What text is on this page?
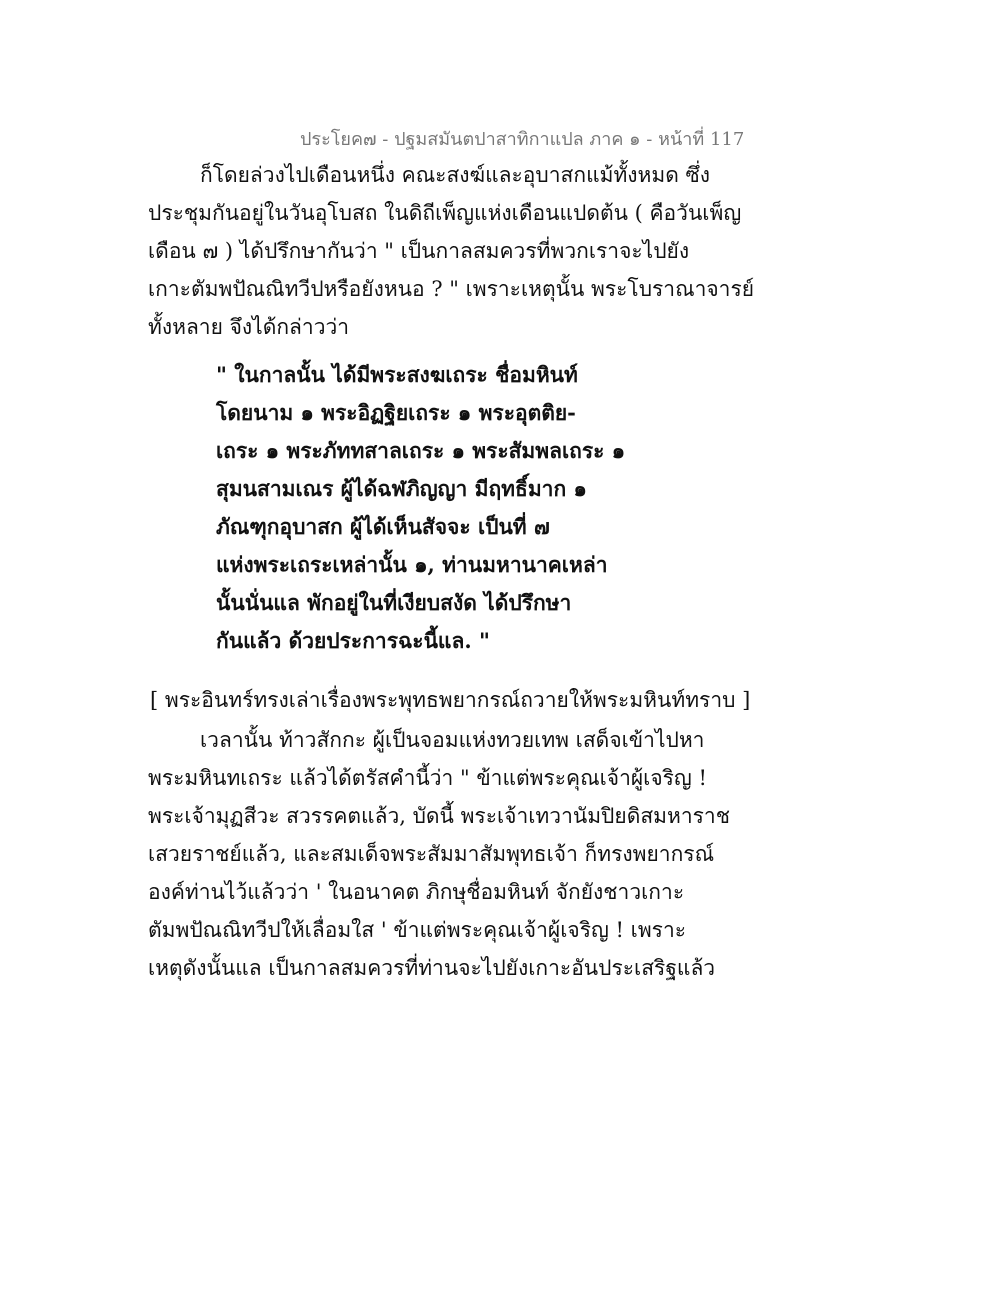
ประโยค๗ - ปฐมสมันตปาสาทิกาแปล ภาค ๑ - หน้าที่ 117
ก็โดยล่วงไปเดือนหนึ่ง คณะสงฆ์และอุบาสกแม้ทั้งหมด ซึ่ง
ประชุมกันอยู่ในวันอุโบสถ ในดิถีเพ็ญแห่งเดือนแปดต้น ( คือวันเพ็ญ
เดือน ๗ ) ได้ปรึกษากันว่า " เป็นกาลสมควรที่พวกเราจะไปยัง
เกาะตัมพปัณณิทวีปหรือยังหนอ ? " เพราะเหตุนั้น พระโบราณาจารย์
ทั้งหลาย จึงได้กล่าวว่า
" ในกาลนั้น ได้มีพระสงฆเถระ ชื่อมหินท์
โดยนาม ๑ พระอิฏฐิยเถระ ๑ พระอุตติย-
เถระ ๑ พระภัททสาลเถระ ๑ พระสัมพลเถระ ๑
สุมนสามเณร ผู้ได้ฉฬภิญญา มีฤทธิ์มาก ๑
ภัณฑุกอุบาสก ผู้ได้เห็นสัจจะ เป็นที่ ๗
แห่งพระเถระเหล่านั้น ๑, ท่านมหานาคเหล่า
นั้นนั่นแล พักอยู่ในที่เงียบสงัด ได้ปรึกษา
กันแล้ว ด้วยประการฉะนี้แล. "
[ พระอินทร์ทรงเล่าเรื่องพระพุทธพยากรณ์ถวายให้พระมหินท์ทราบ ]
เวลานั้น ท้าวสักกะ ผู้เป็นจอมแห่งทวยเทพ เสด็จเข้าไปหา
พระมหินทเถระ แล้วได้ตรัสคำนี้ว่า " ข้าแต่พระคุณเจ้าผู้เจริญ !
พระเจ้ามุฏสีวะ สวรรคตแล้ว, บัดนี้ พระเจ้าเทวานัมปิยดิสมหาราช
เสวยราชย์แล้ว, และสมเด็จพระสัมมาสัมพุทธเจ้า ก็ทรงพยากรณ์
องค์ท่านไว้แล้วว่า ' ในอนาคต ภิกษุชื่อมหินท์ จักยังชาวเกาะ
ตัมพปัณณิทวีปให้เลื่อมใส ' ข้าแต่พระคุณเจ้าผู้เจริญ ! เพราะ
เหตุดังนั้นแล เป็นกาลสมควรที่ท่านจะไปยังเกาะอันประเสริฐแล้ว
